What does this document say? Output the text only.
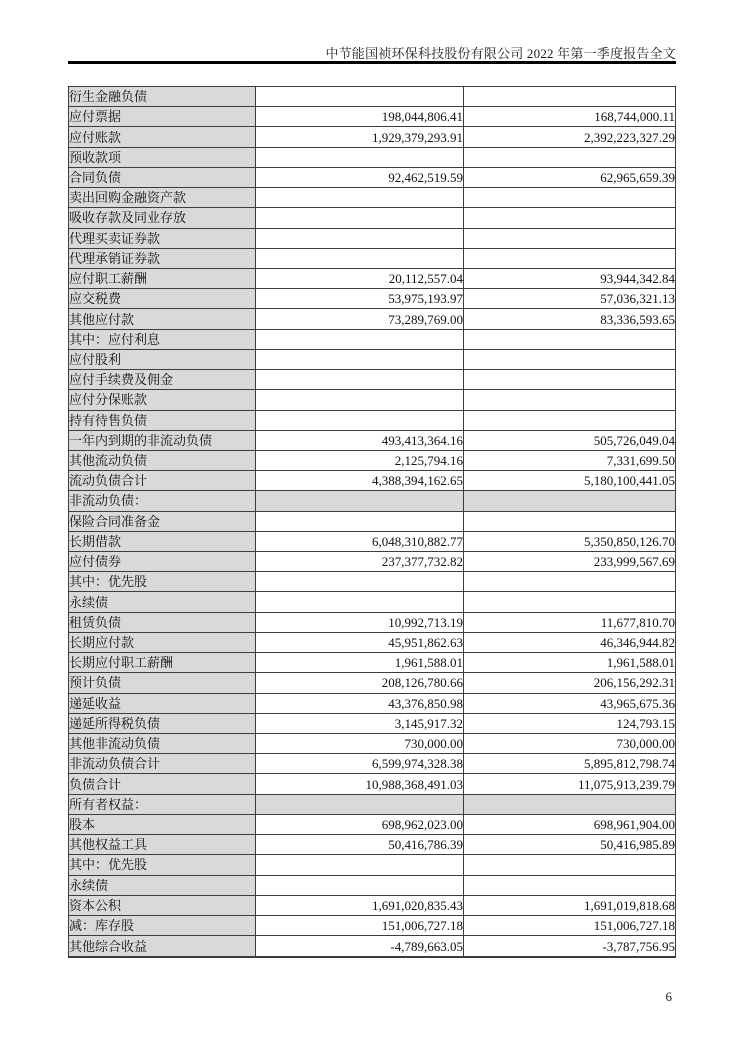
中节能国祯环保科技股份有限公司 2022 年第一季度报告全文
衍生金融负债		
应付票据	198,044,806.41	168,744,000.11
应付账款	1,929,379,293.91	2,392,223,327.29
预收款项		
合同负债	92,462,519.59	62,965,659.39
卖出回购金融资产款		
吸收存款及同业存放		
代理买卖证券款		
代理承销证券款		
应付职工薪酬	20,112,557.04	93,944,342.84
应交税费	53,975,193.97	57,036,321.13
其他应付款	73,289,769.00	83,336,593.65
其中：应付利息		
应付股利		
应付手续费及佣金		
应付分保账款		
持有待售负债		
一年内到期的非流动负债	493,413,364.16	505,726,049.04
其他流动负债	2,125,794.16	7,331,699.50
流动负债合计	4,388,394,162.65	5,180,100,441.05
非流动负债：		
保险合同准备金		
长期借款	6,048,310,882.77	5,350,850,126.70
应付债券	237,377,732.82	233,999,567.69
其中：优先股		
永续债		
租赁负债	10,992,713.19	11,677,810.70
长期应付款	45,951,862.63	46,346,944.82
长期应付职工薪酬	1,961,588.01	1,961,588.01
预计负债	208,126,780.66	206,156,292.31
递延收益	43,376,850.98	43,965,675.36
递延所得税负债	3,145,917.32	124,793.15
其他非流动负债	730,000.00	730,000.00
非流动负债合计	6,599,974,328.38	5,895,812,798.74
负债合计	10,988,368,491.03	11,075,913,239.79
所有者权益：		
股本	698,962,023.00	698,961,904.00
其他权益工具	50,416,786.39	50,416,985.89
其中：优先股		
永续债		
资本公积	1,691,020,835.43	1,691,019,818.68
减：库存股	151,006,727.18	151,006,727.18
其他综合收益	-4,789,663.05	-3,787,756.95
6
